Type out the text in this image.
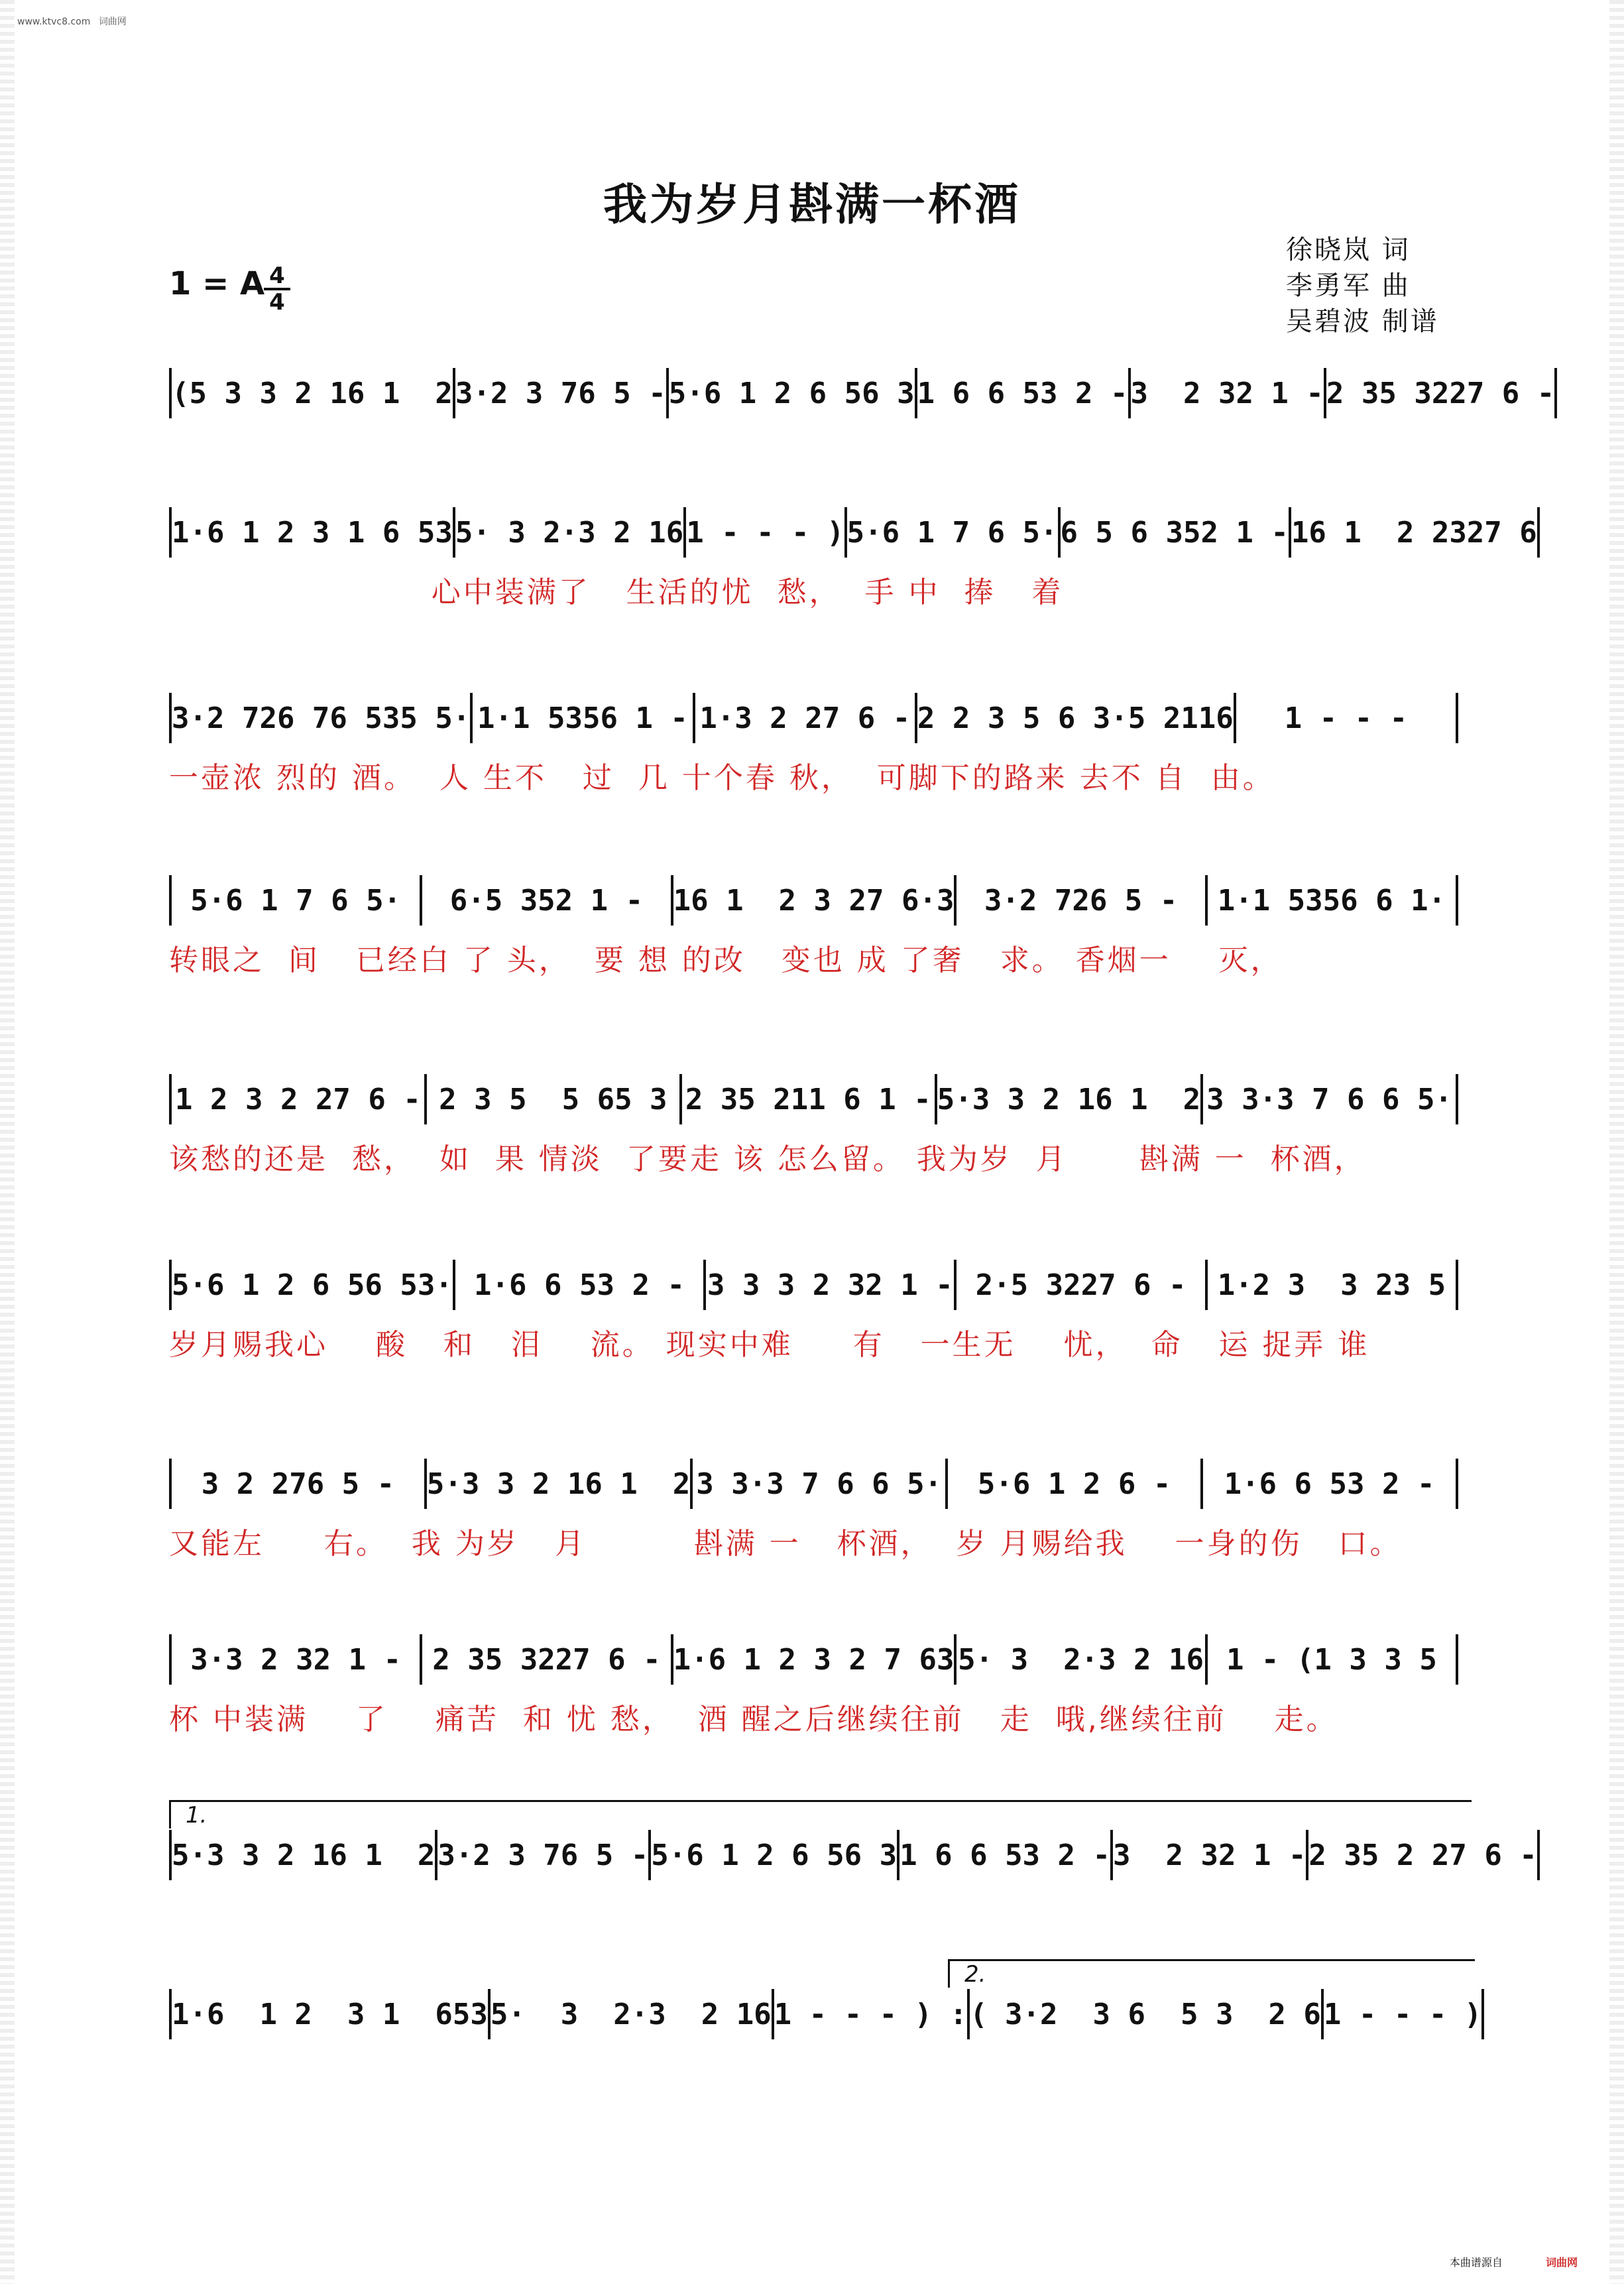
www.ktvc8.com 词曲网
我为岁月斟满一杯酒
徐晓岚 词
李勇军 曲
吴碧波 制谱
1 = A
$\frac{4}{4}$
(5 3 3 2 16 1  2 3·2 3 76 5 - 5·6 1 2 6 56 3 1 6 6 53 2 - 3  2 32 1 - 2 35 3227 6 -
1·6 1 2 3 1 6 53 5· 3 2·3 2 16 1 - - - ) 5·6 1 7 6 5· 6 5 6 352 1 - 16 1  2 2327 6
心中装满了   生活的忧  愁，  手 中  捧   着
3·2 726 76 535 5· 1·1 5356 1 - 1·3 2 27 6 - 2 2 3 5 6 3·5 2116	1 - - -
一壶浓 烈的 酒。  人 生不   过  几 十个春 秋，  可脚下的路来 去不 自  由。
5·6 1 7 6 5·	6·5 352 1 -	16 1  2 3 27 6·3	3·2 726 5 -	1·1 5356 6 1·
转眼之  间   已经白 了 头，  要 想 的改   变也 成 了奢   求。 香烟一    灭，
1 2 3 2 27 6 - 2 3 5  5 65 3 2 35 211 6 1 - 5·3 3 2 16 1  2 3 3·3 7 6 6 5·
该愁的还是  愁，  如  果 情淡  了要走 该 怎么留。 我为岁  月      斟满 一  杯酒，
5·6 1 2 6 56 53· 1·6 6 53 2 - 3 3 3 2 32 1 - 2·5 3227 6 -	1·2 3  3 23 5
岁月赐我心    酸   和   泪    流。 现实中难     有   一生无    忧，  命   运 捉弄 谁
3 2 276 5 -	5·3 3 2 16 1  2 3 3·3 7 6 6 5·	5·6 1 2 6 -	1·6 6 53 2 -
又能左     右。  我 为岁   月         斟满 一   杯酒，  岁 月赐给我    一身的伤   口。
3·3 2 32 1 -	2 35 3227 6 - 1·6 1 2 3 2 7 63 5· 3  2·3 2 16 1 - (1 3 3 5
杯 中装满    了    痛苦  和 忧 愁，  酒 醒之后继续往前   走  哦,继续往前    走。
1.
5·3 3 2 16 1  2 3·2 3 76 5 - 5·6 1 2 6 56 3 1 6 6 53 2 - 3  2 32 1 - 2 35 2 27 6 -
2.
1·6  1 2  3 1  653 5·  3  2·3  2 16 1 - - - ) : ( 3·2  3 6  5 3  2 6 1 - - - )
本曲谱源自	词曲网
